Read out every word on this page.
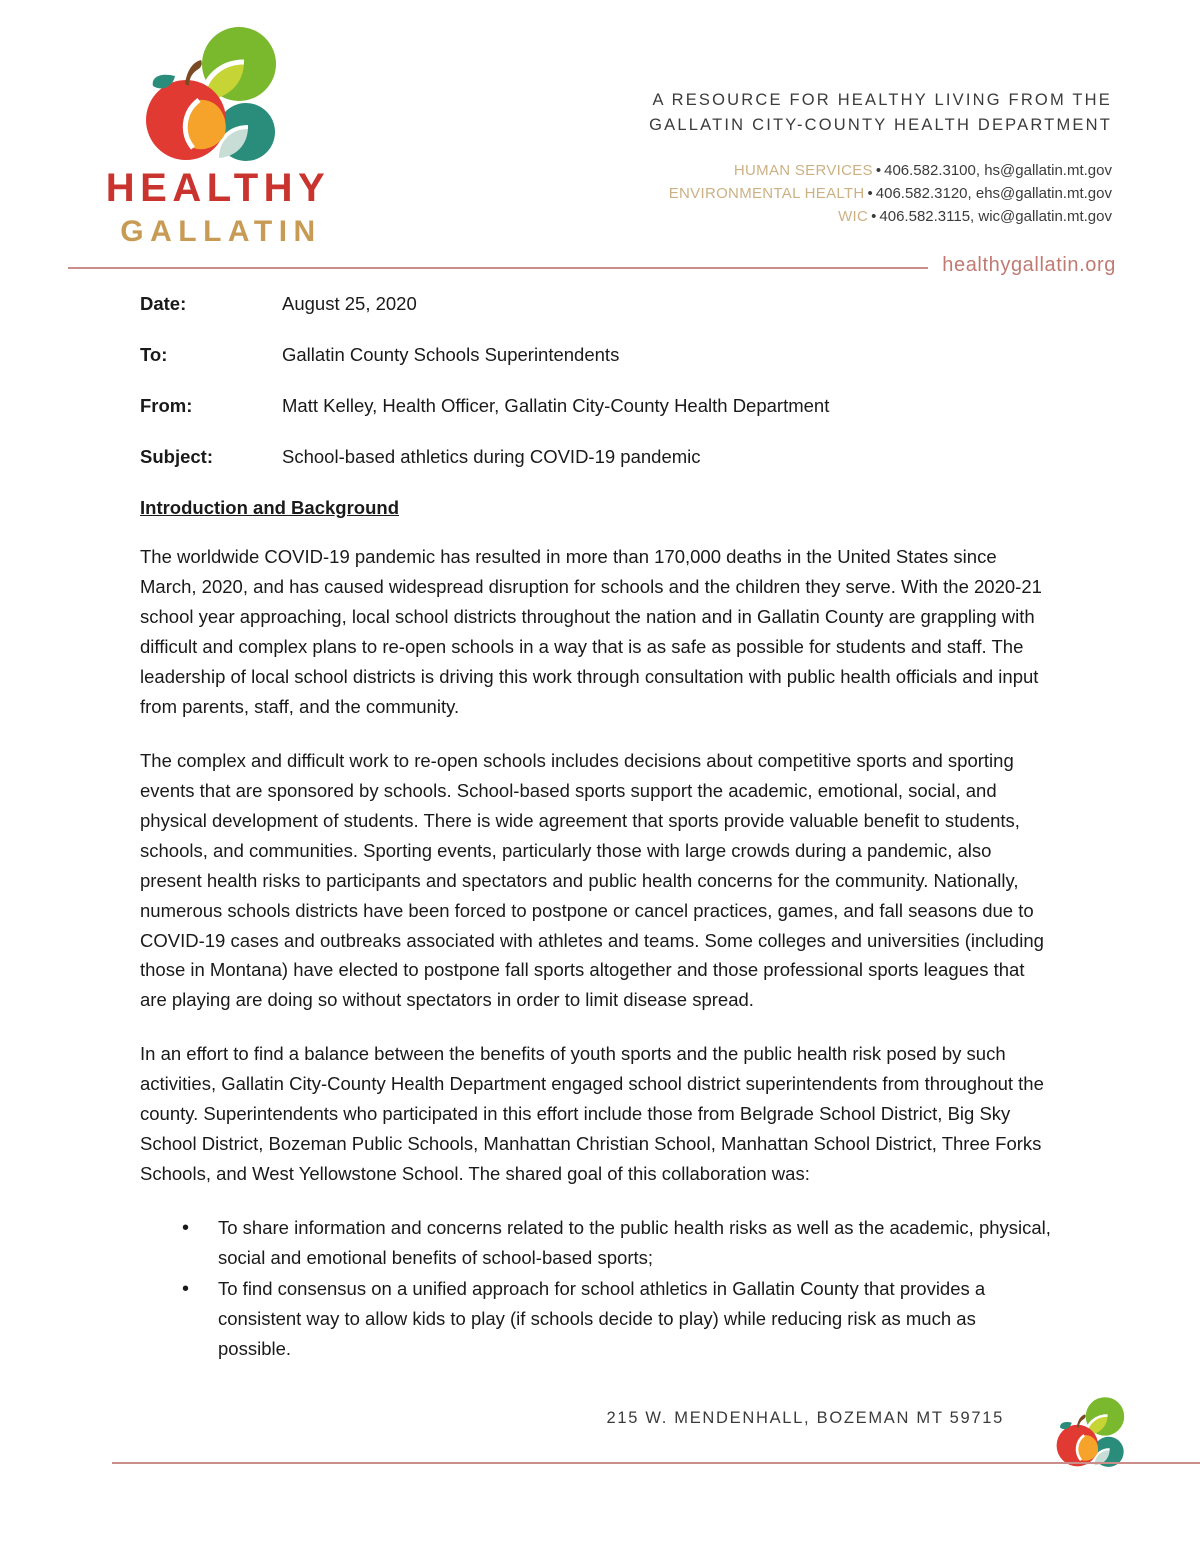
HEALTHY
GALLATIN
A RESOURCE FOR HEALTHY LIVING FROM THE
GALLATIN CITY-COUNTY HEALTH DEPARTMENT
HUMAN SERVICES • 406.582.3100, hs@gallatin.mt.gov
ENVIRONMENTAL HEALTH • 406.582.3120, ehs@gallatin.mt.gov
WIC • 406.582.3115, wic@gallatin.mt.gov
healthygallatin.org
Date:	August 25, 2020
To:	Gallatin County Schools Superintendents
From:	Matt Kelley, Health Officer, Gallatin City-County Health Department
Subject:	School-based athletics during COVID-19 pandemic
Introduction and Background

The worldwide COVID-19 pandemic has resulted in more than 170,000 deaths in the United States since March, 2020, and has caused widespread disruption for schools and the children they serve. With the 2020-21 school year approaching, local school districts throughout the nation and in Gallatin County are grappling with difficult and complex plans to re-open schools in a way that is as safe as possible for students and staff. The leadership of local school districts is driving this work through consultation with public health officials and input from parents, staff, and the community.

The complex and difficult work to re-open schools includes decisions about competitive sports and sporting events that are sponsored by schools. School-based sports support the academic, emotional, social, and physical development of students. There is wide agreement that sports provide valuable benefit to students, schools, and communities. Sporting events, particularly those with large crowds during a pandemic, also present health risks to participants and spectators and public health concerns for the community. Nationally, numerous schools districts have been forced to postpone or cancel practices, games, and fall seasons due to COVID-19 cases and outbreaks associated with athletes and teams. Some colleges and universities (including those in Montana) have elected to postpone fall sports altogether and those professional sports leagues that are playing are doing so without spectators in order to limit disease spread.

In an effort to find a balance between the benefits of youth sports and the public health risk posed by such activities, Gallatin City-County Health Department engaged school district superintendents from throughout the county. Superintendents who participated in this effort include those from Belgrade School District, Big Sky School District, Bozeman Public Schools, Manhattan Christian School, Manhattan School District, Three Forks Schools, and West Yellowstone School. The shared goal of this collaboration was:

• To share information and concerns related to the public health risks as well as the academic, physical, social and emotional benefits of school-based sports;
• To find consensus on a unified approach for school athletics in Gallatin County that provides a consistent way to allow kids to play (if schools decide to play) while reducing risk as much as possible.
215 W. MENDENHALL, BOZEMAN MT 59715
